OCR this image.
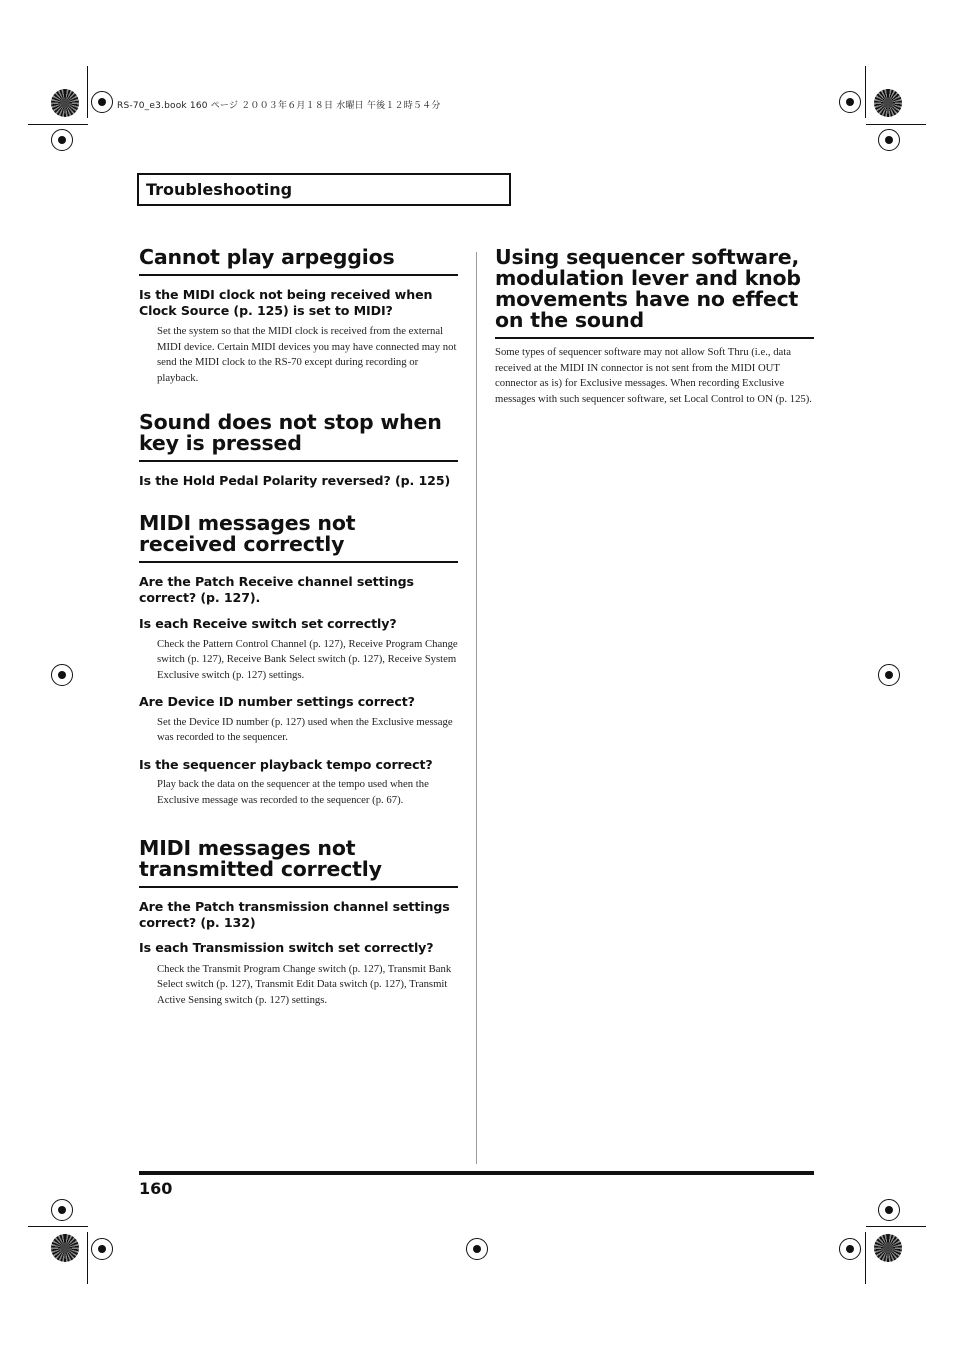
RS-70_e3.book 160 ページ ２００３年６月１８日 水曜日 午後１２時５４分
Troubleshooting
Cannot play arpeggios

Is the MIDI clock not being received when Clock Source (p. 125) is set to MIDI?

Set the system so that the MIDI clock is received from the external MIDI device. Certain MIDI devices you may have connected may not send the MIDI clock to the RS-70 except during recording or playback.

Sound does not stop when key is pressed

Is the Hold Pedal Polarity reversed? (p. 125)

MIDI messages not received correctly

Are the Patch Receive channel settings correct? (p. 127).

Is each Receive switch set correctly?

Check the Pattern Control Channel (p. 127), Receive Program Change switch (p. 127), Receive Bank Select switch (p. 127), Receive System Exclusive switch (p. 127) settings.

Are Device ID number settings correct?

Set the Device ID number (p. 127) used when the Exclusive message was recorded to the sequencer.

Is the sequencer playback tempo correct?

Play back the data on the sequencer at the tempo used when the Exclusive message was recorded to the sequencer (p. 67).

MIDI messages not transmitted correctly

Are the Patch transmission channel settings correct? (p. 132)

Is each Transmission switch set correctly?

Check the Transmit Program Change switch (p. 127), Transmit Bank Select switch (p. 127), Transmit Edit Data switch (p. 127), Transmit Active Sensing switch (p. 127) settings.

Using sequencer software, modulation lever and knob movements have no effect on the sound

Some types of sequencer software may not allow Soft Thru (i.e., data received at the MIDI IN connector is not sent from the MIDI OUT connector as is) for Exclusive messages. When recording Exclusive messages with such sequencer software, set Local Control to ON (p. 125).

160
